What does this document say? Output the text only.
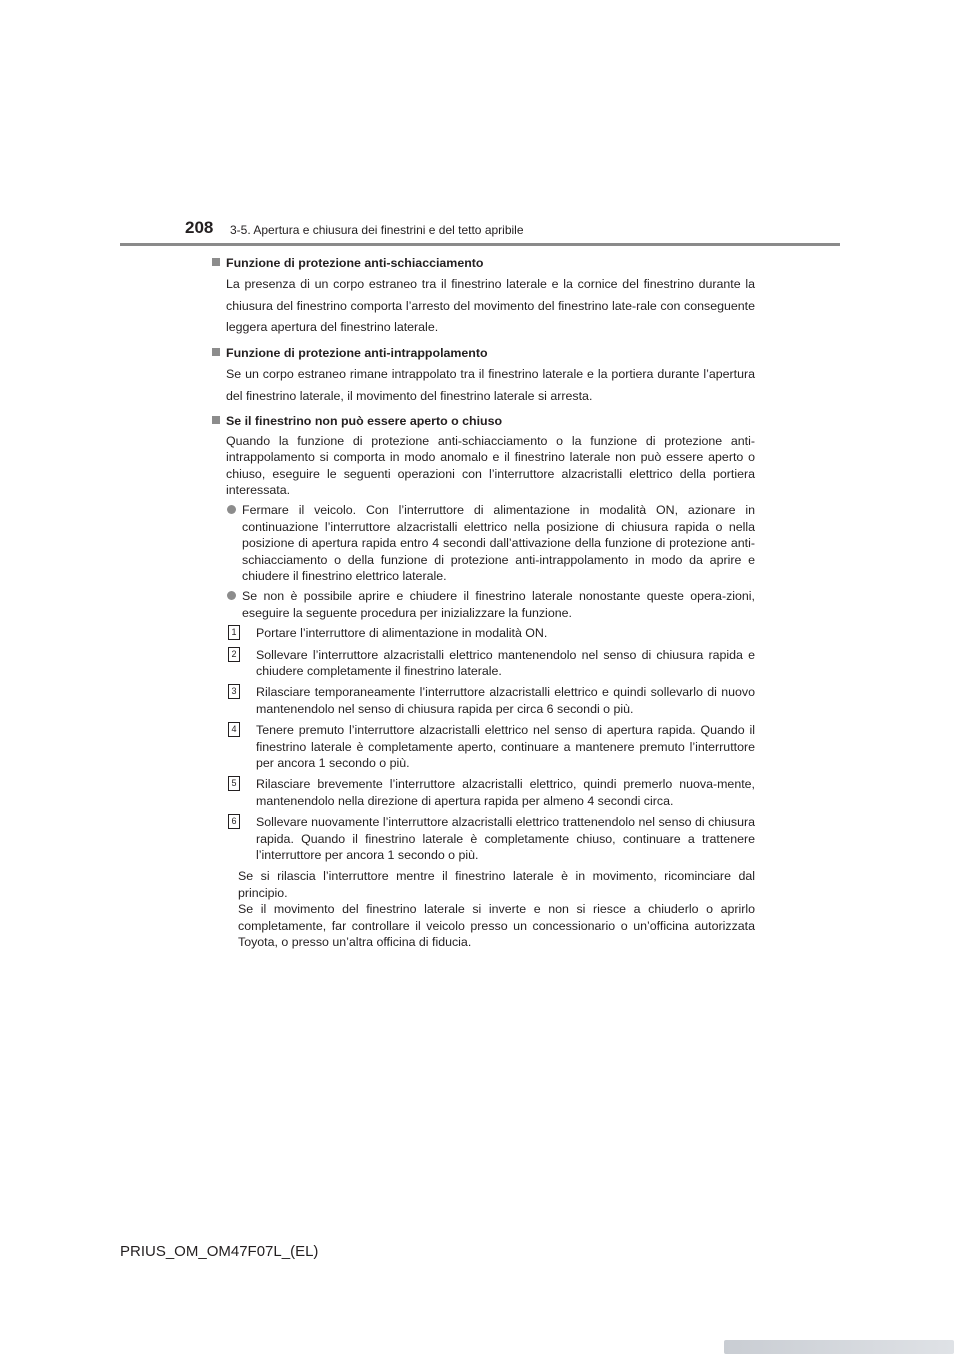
208 3-5. Apertura e chiusura dei finestrini e del tetto apribile
Funzione di protezione anti-schiacciamento
La presenza di un corpo estraneo tra il finestrino laterale e la cornice del finestrino durante la chiusura del finestrino comporta l’arresto del movimento del finestrino late-rale con conseguente leggera apertura del finestrino laterale.
Funzione di protezione anti-intrappolamento
Se un corpo estraneo rimane intrappolato tra il finestrino laterale e la portiera durante l’apertura del finestrino laterale, il movimento del finestrino laterale si arresta.
Se il finestrino non può essere aperto o chiuso
Quando la funzione di protezione anti-schiacciamento o la funzione di protezione anti-intrappolamento si comporta in modo anomalo e il finestrino laterale non può essere aperto o chiuso, eseguire le seguenti operazioni con l’interruttore alzacristalli elettrico della portiera interessata.
Fermare il veicolo. Con l’interruttore di alimentazione in modalità ON, azionare in continuazione l’interruttore alzacristalli elettrico nella posizione di chiusura rapida o nella posizione di apertura rapida entro 4 secondi dall’attivazione della funzione di protezione anti-schiacciamento o della funzione di protezione anti-intrappolamento in modo da aprire e chiudere il finestrino elettrico laterale.
Se non è possibile aprire e chiudere il finestrino laterale nonostante queste opera-zioni, eseguire la seguente procedura per inizializzare la funzione.
1 Portare l’interruttore di alimentazione in modalità ON.
2 Sollevare l’interruttore alzacristalli elettrico mantenendolo nel senso di chiusura rapida e chiudere completamente il finestrino laterale.
3 Rilasciare temporaneamente l’interruttore alzacristalli elettrico e quindi sollevarlo di nuovo mantenendolo nel senso di chiusura rapida per circa 6 secondi o più.
4 Tenere premuto l’interruttore alzacristalli elettrico nel senso di apertura rapida. Quando il finestrino laterale è completamente aperto, continuare a mantenere premuto l’interruttore per ancora 1 secondo o più.
5 Rilasciare brevemente l’interruttore alzacristalli elettrico, quindi premerlo nuova-mente, mantenendolo nella direzione di apertura rapida per almeno 4 secondi circa.
6 Sollevare nuovamente l’interruttore alzacristalli elettrico trattenendolo nel senso di chiusura rapida. Quando il finestrino laterale è completamente chiuso, continuare a trattenere l’interruttore per ancora 1 secondo o più.
Se si rilascia l’interruttore mentre il finestrino laterale è in movimento, ricominciare dal principio.
Se il movimento del finestrino laterale si inverte e non si riesce a chiuderlo o aprirlo completamente, far controllare il veicolo presso un concessionario o un’officina autorizzata Toyota, o presso un’altra officina di fiducia.
PRIUS_OM_OM47F07L_(EL)
